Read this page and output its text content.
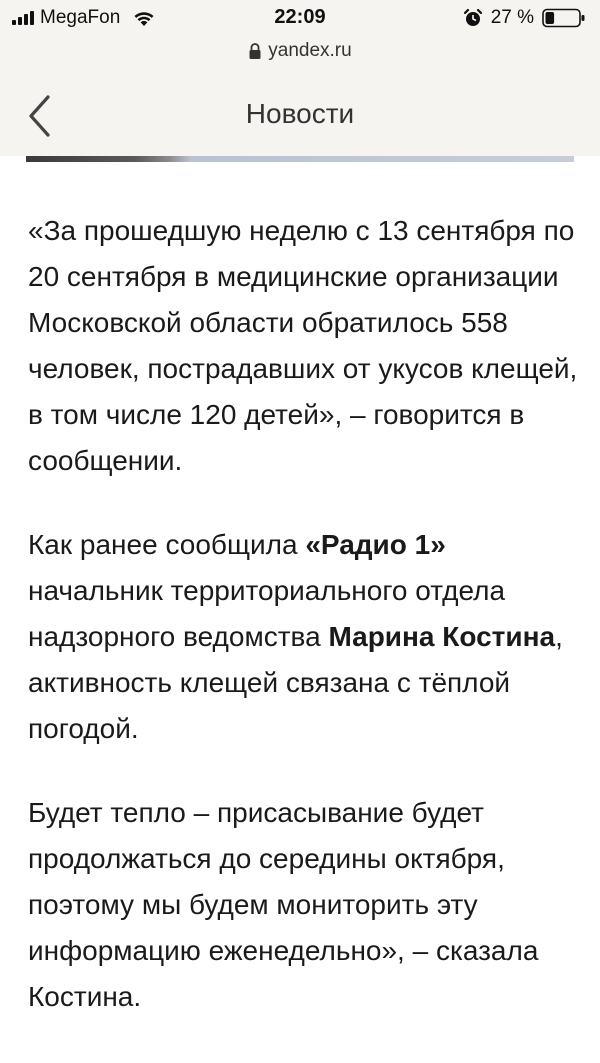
MegaFon	22:09	27 %
yandex.ru
Новости

«За прошедшую неделю с 13 сентября по 20 сентября в медицинские организации Московской области обратилось 558 человек, пострадавших от укусов клещей, в том числе 120 детей», – говорится в сообщении.

Как ранее сообщила «Радио 1» начальник территориального отдела надзорного ведомства Марина Костина, активность клещей связана с тёплой погодой.

Будет тепло – присасывание будет продолжаться до середины октября, поэтому мы будем мониторить эту информацию еженедельно», – сказала Костина.
